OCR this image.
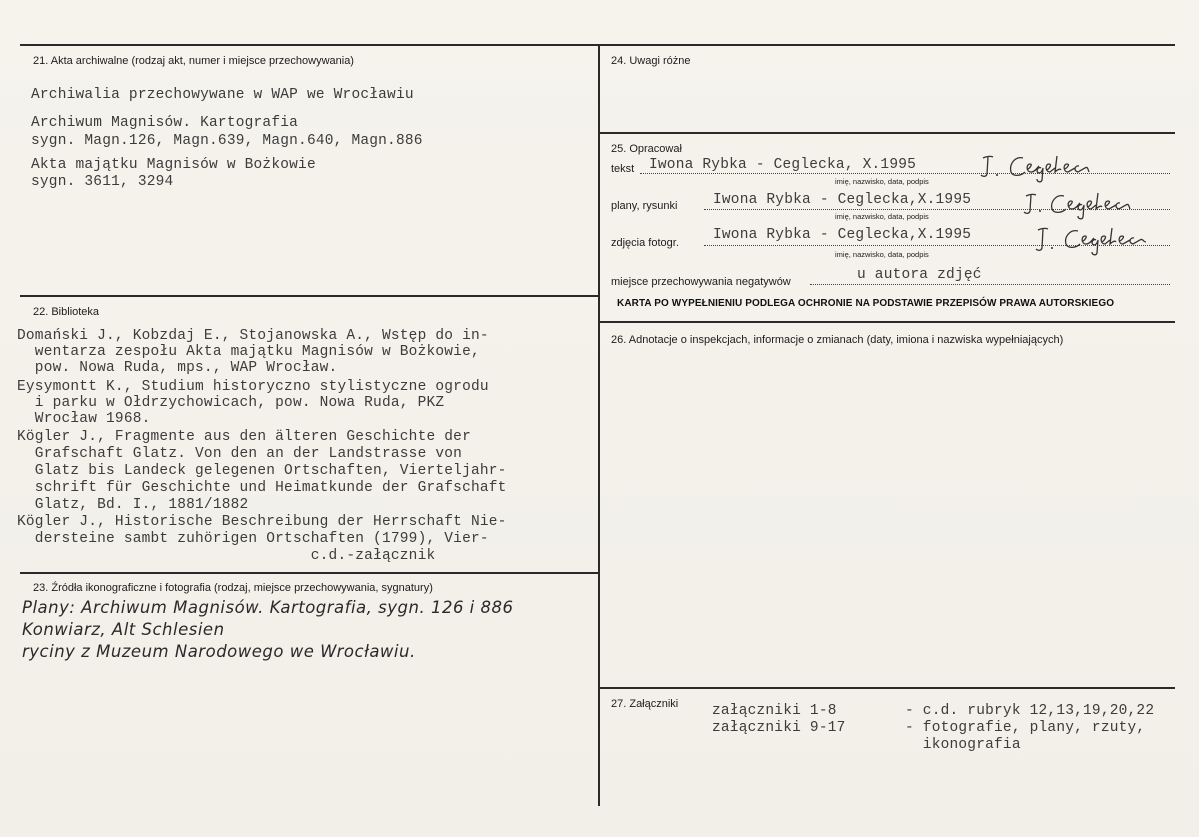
21. Akta archiwalne (rodzaj akt, numer i miejsce przechowywania)
Archiwalia przechowywane w WAP we Wrocławiu
Archiwum Magnisów. Kartografia
sygn. Magn.126, Magn.639, Magn.640, Magn.886
Akta majątku Magnisów w Bożkowie
sygn. 3611, 3294
22. Biblioteka
Domański J., Kobzdaj E., Stojanowska A., Wstęp do in-
wentarza zespołu Akta majątku Magnisów w Bożkowie,
pow. Nowa Ruda, mps., WAP Wrocław.
Eysymontt K., Studium historyczno stylistyczne ogrodu
i parku w Ołdrzychowicach, pow. Nowa Ruda, PKZ
Wrocław 1968.
Kögler J., Fragmente aus den älteren Geschichte der
Grafschaft Glatz. Von den an der Landstrasse von
Glatz bis Landeck gelegenen Ortschaften, Vierteljahr-
schrift für Geschichte und Heimatkunde der Grafschaft
Glatz, Bd. I., 1881/1882
Kögler J., Historische Beschreibung der Herrschaft Nie-
dersteine sambt zuhörigen Ortschaften (1799), Vier-
c.d.-załącznik
23. Źródła ikonograficzne i fotografia (rodzaj, miejsce przechowywania, sygnatury)
Plany: Archiwum Magnisów. Kartografia, sygn. 126 i 886
Konwiarz, Alt Schlesien
ryciny z Muzeum Narodowego we Wrocławiu.
24. Uwagi różne
25. Opracował
tekst Iwona Rybka - Ceglecka, X.1995
imię, nazwisko, data, podpis
plany, rysunki Iwona Rybka - Ceglecka,X.1995
imię, nazwisko, data, podpis
zdjęcia fotogr. Iwona Rybka - Ceglecka,X.1995
imię, nazwisko, data, podpis
miejsce przechowywania negatywów	u autora zdjęć
KARTA PO WYPEŁNIENIU PODLEGA OCHRONIE NA PODSTAWIE PRZEPISÓW PRAWA AUTORSKIEGO
26. Adnotacje o inspekcjach, informacje o zmianach (daty, imiona i nazwiska wypełniających)
27. Załączniki załączniki 1-8	- c.d. rubryk 12,13,19,20,22
załączniki 9-17	- fotografie, plany, rzuty,
ikonografia
